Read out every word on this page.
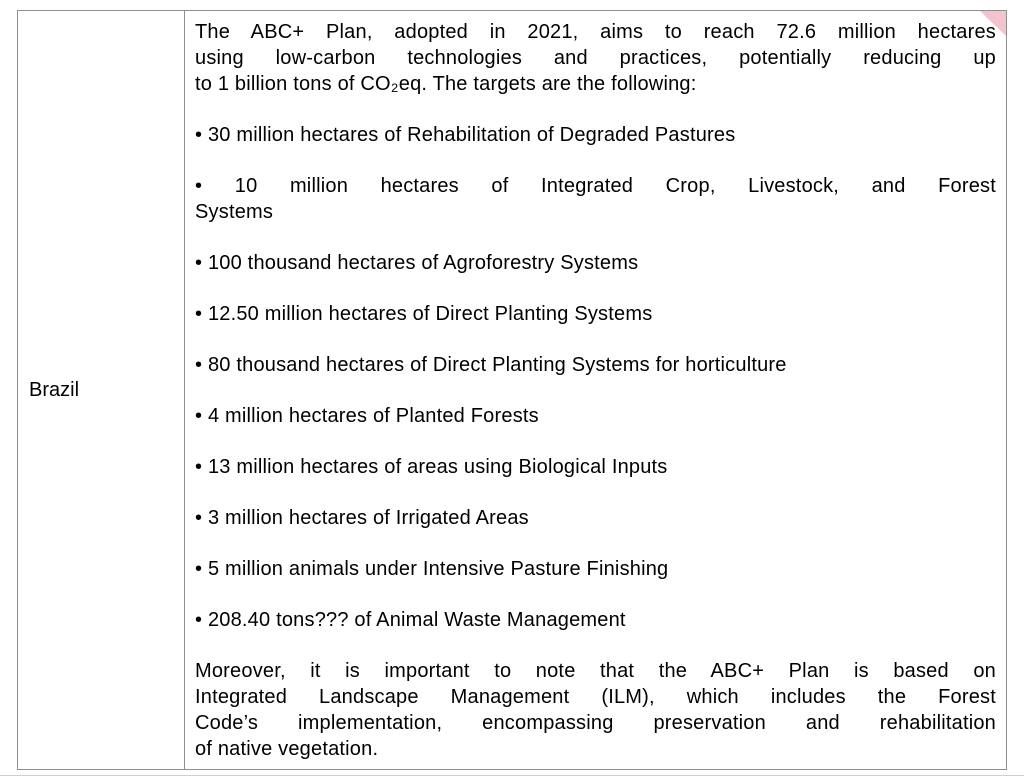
Brazil
The ABC+ Plan, adopted in 2021, aims to reach 72.6 million hectares
using low-carbon technologies and practices, potentially reducing up
to 1 billion tons of CO₂eq. The targets are the following:
• 30 million hectares of Rehabilitation of Degraded Pastures
• 10 million hectares of Integrated Crop, Livestock, and Forest
Systems
• 100 thousand hectares of Agroforestry Systems
• 12.50 million hectares of Direct Planting Systems
• 80 thousand hectares of Direct Planting Systems for horticulture
• 4 million hectares of Planted Forests
• 13 million hectares of areas using Biological Inputs
• 3 million hectares of Irrigated Areas
• 5 million animals under Intensive Pasture Finishing
• 208.40 tons??? of Animal Waste Management
Moreover, it is important to note that the ABC+ Plan is based on
Integrated Landscape Management (ILM), which includes the Forest
Code’s implementation, encompassing preservation and rehabilitation
of native vegetation.
